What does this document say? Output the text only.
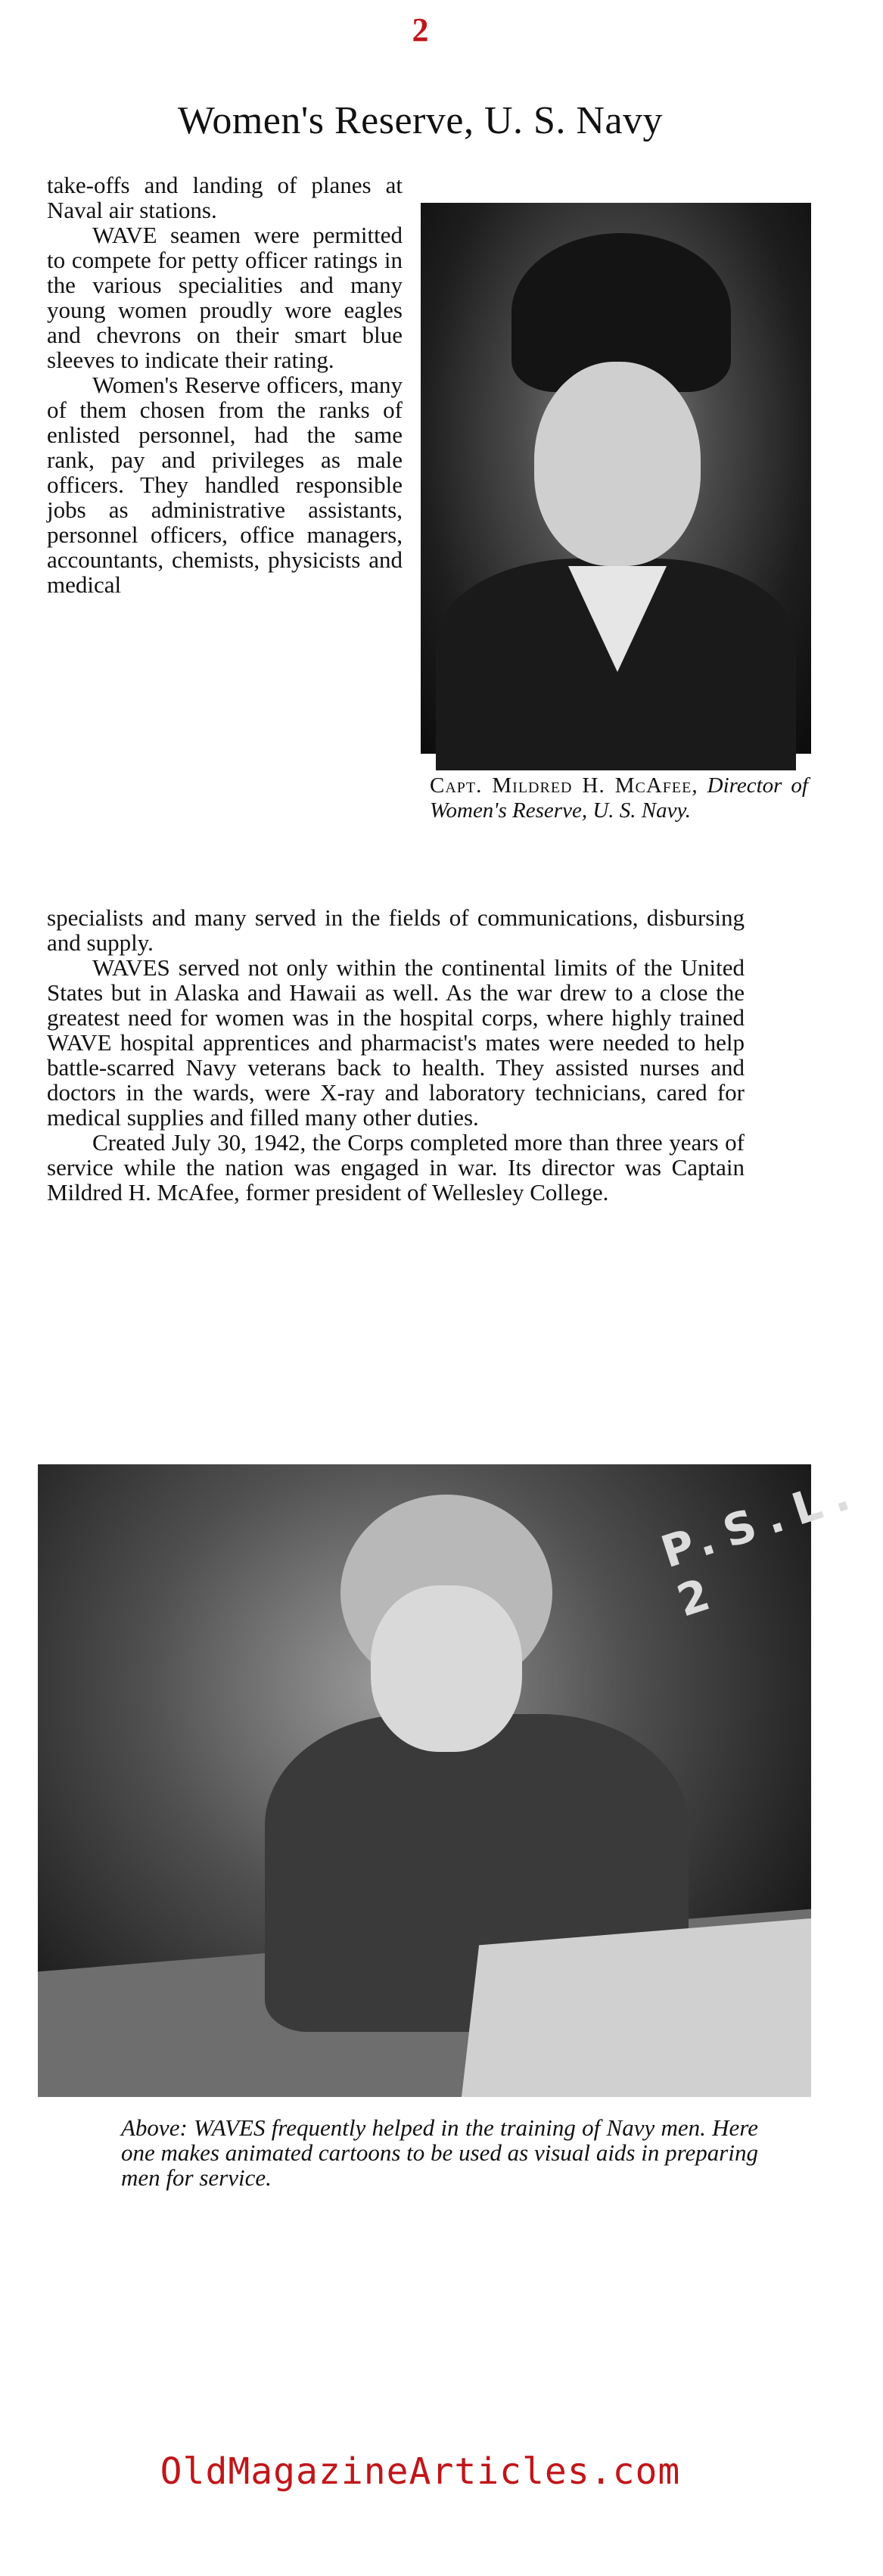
2
Women's Reserve, U. S. Navy

take-offs and landing of planes at Naval air stations.

WAVE seamen were permitted to compete for petty officer ratings in the various specialities and many young women proudly wore eagles and chevrons on their smart blue sleeves to indicate their rating.

Women's Reserve officers, many of them chosen from the ranks of enlisted personnel, had the same rank, pay and privileges as male officers. They handled responsible jobs as administrative assistants, personnel officers, office managers, accountants, chemists, physicists and medical

Capt. Mildred H. McAfee, Director of Women's Reserve, U. S. Navy.

specialists and many served in the fields of communications, disbursing and supply.

WAVES served not only within the continental limits of the United States but in Alaska and Hawaii as well. As the war drew to a close the greatest need for women was in the hospital corps, where highly trained WAVE hospital apprentices and pharmacist's mates were needed to help battle-scarred Navy veterans back to health. They assisted nurses and doctors in the wards, were X-ray and laboratory technicians, cared for medical supplies and filled many other duties.

Created July 30, 1942, the Corps completed more than three years of service while the nation was engaged in war. Its director was Captain Mildred H. McAfee, former president of Wellesley College.

P.S.L. 2
Above: WAVES frequently helped in the training of Navy men. Here one makes animated cartoons to be used as visual aids in preparing men for service.
OldMagazineArticles.com
